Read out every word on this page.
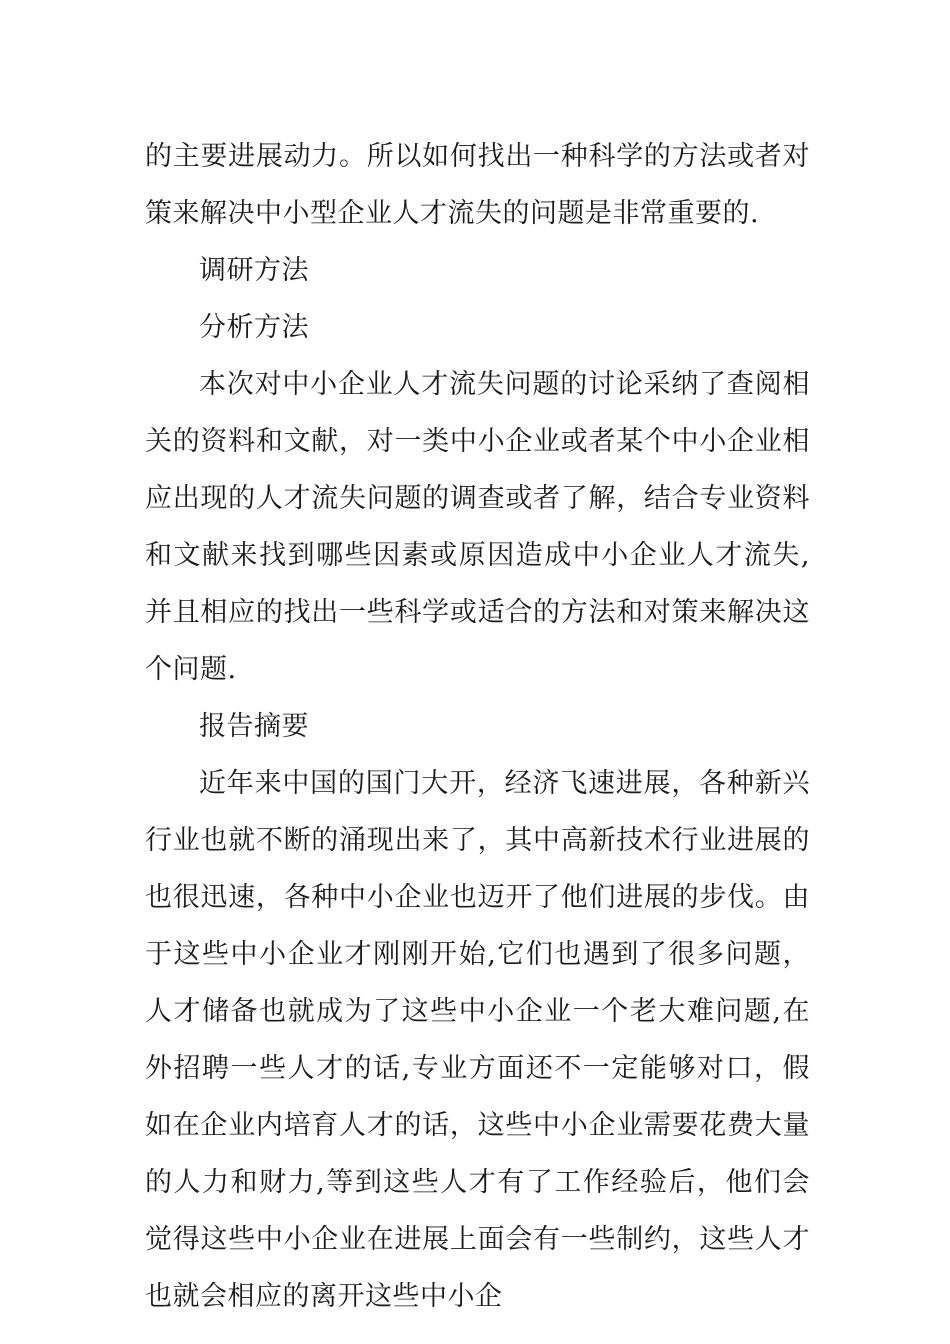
的主要进展动力。所以如何找出一种科学的方法或者对策来解决中小型企业人才流失的问题是非常重要的.

调研方法

分析方法

本次对中小企业人才流失问题的讨论采纳了查阅相关的资料和文献，对一类中小企业或者某个中小企业相应出现的人才流失问题的调查或者了解，结合专业资料和文献来找到哪些因素或原因造成中小企业人才流失,并且相应的找出一些科学或适合的方法和对策来解决这个问题.

报告摘要

近年来中国的国门大开，经济飞速进展，各种新兴行业也就不断的涌现出来了，其中高新技术行业进展的也很迅速，各种中小企业也迈开了他们进展的步伐。由于这些中小企业才刚刚开始,它们也遇到了很多问题，人才储备也就成为了这些中小企业一个老大难问题,在外招聘一些人才的话,专业方面还不一定能够对口，假如在企业内培育人才的话，这些中小企业需要花费大量的人力和财力,等到这些人才有了工作经验后，他们会觉得这些中小企业在进展上面会有一些制约，这些人才也就会相应的离开这些中小企
